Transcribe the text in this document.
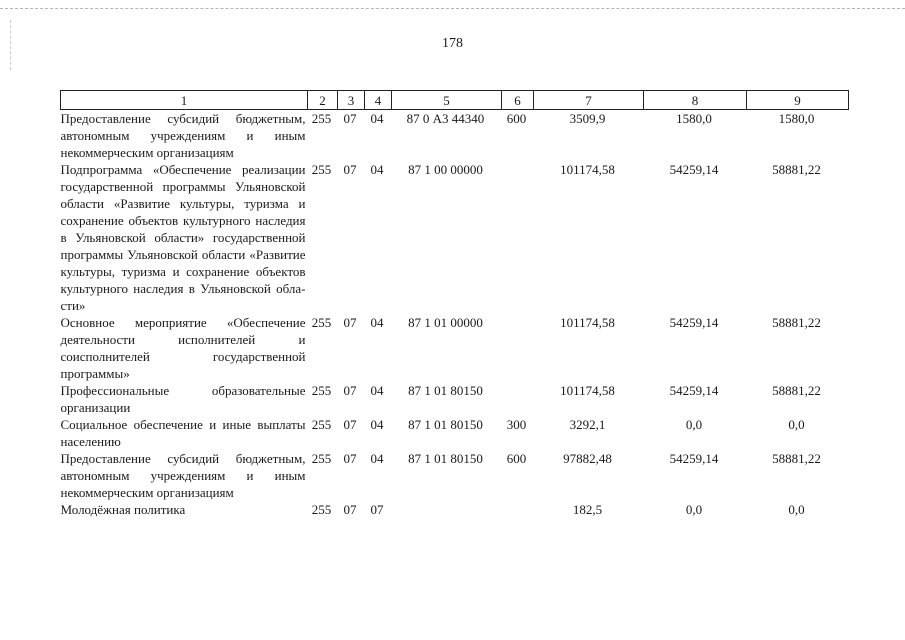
178
1	2	3	4	5	6	7	8	9
Предоставление субсидий бюджетным, автономным учреждениям и иным некоммерческим организациям	255	07	04	87 0 А3 44340	600	3509,9	1580,0	1580,0
Подпрограмма «Обеспечение реализации государственной программы Ульяновской области «Развитие культуры, туризма и сохранение объектов культурного наследия в Ульяновской области» государственной программы Ульяновской области «Развитие культуры, туризма и сохранение объектов культурного наследия в Ульяновской области»	255	07	04	87 1 00 00000		101174,58	54259,14	58881,22
Основное мероприятие «Обеспечение деятельности исполнителей и соисполнителей государственной программы»	255	07	04	87 1 01 00000		101174,58	54259,14	58881,22
Профессиональные образовательные организации	255	07	04	87 1 01 80150		101174,58	54259,14	58881,22
Социальное обеспечение и иные выплаты населению	255	07	04	87 1 01 80150	300	3292,1	0,0	0,0
Предоставление субсидий бюджетным, автономным учреждениям и иным некоммерческим организациям	255	07	04	87 1 01 80150	600	97882,48	54259,14	58881,22
Молодёжная политика	255	07	07			182,5	0,0	0,0
